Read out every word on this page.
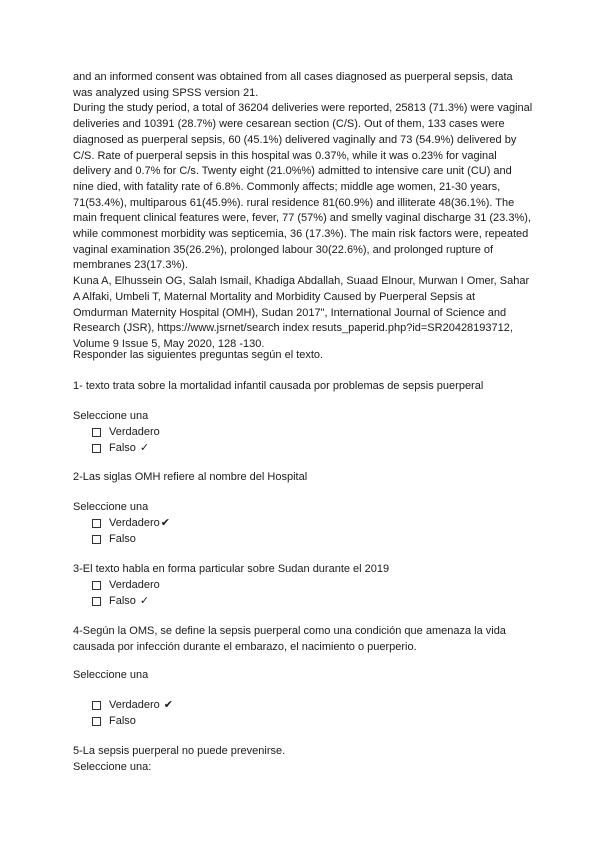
and an informed consent was obtained from all cases diagnosed as puerperal sepsis, data

was analyzed using SPSS version 21.

During the study period, a total of 36204 deliveries were reported, 25813 (71.3%) were vaginal deliveries and 10391 (28.7%) were cesarean section (C/S). Out of them, 133 cases were diagnosed as puerperal sepsis, 60 (45.1%) delivered vaginally and 73 (54.9%) delivered by C/S. Rate of puerperal sepsis in this hospital was 0.37%, while it was o.23% for vaginal delivery and 0.7% for C/s. Twenty eight (21.0%%) admitted to intensive care unit (CU) and nine died, with fatality rate of 6.8%. Commonly affects; middle age women, 21-30 years, 71(53.4%), multiparous 61(45.9%). rural residence 81(60.9%) and illiterate 48(36.1%). The main frequent clinical features were, fever, 77 (57%) and smelly vaginal discharge 31 (23.3%), while commonest morbidity was septicemia, 36 (17.3%). The main risk factors were, repeated vaginal examination 35(26.2%), prolonged labour 30(22.6%), and prolonged rupture of membranes 23(17.3%).

Kuna A, Elhussein OG, Salah Ismail, Khadiga Abdallah, Suaad Elnour, Murwan I Omer, Sahar A Alfaki, Umbeli T, Maternal Mortality and Morbidity Caused by Puerperal Sepsis at Omdurman Maternity Hospital (OMH), Sudan 2017", International Journal of Science and Research (JSR), https://www.jsrnet/search index resuts_paperid.php?id=SR20428193712, Volume 9 Issue 5, May 2020, 128 -130.

Responder las siguientes preguntas según el texto.

1- texto trata sobre la mortalidad infantil causada por problemas de sepsis puerperal

Seleccione una

Verdadero
Falso ✓

2-Las siglas OMH refiere al nombre del Hospital

Seleccione una

Verdadero ✔
Falso

3-El texto habla en forma particular sobre Sudan durante el 2019

Verdadero
Falso ✓

4-Según la OMS, se define la sepsis puerperal como una condición que amenaza la vida causada por infección durante el embarazo, el nacimiento o puerperio.

Seleccione una

Verdadero ✔
Falso

5-La sepsis puerperal no puede prevenirse.

Seleccione una:
